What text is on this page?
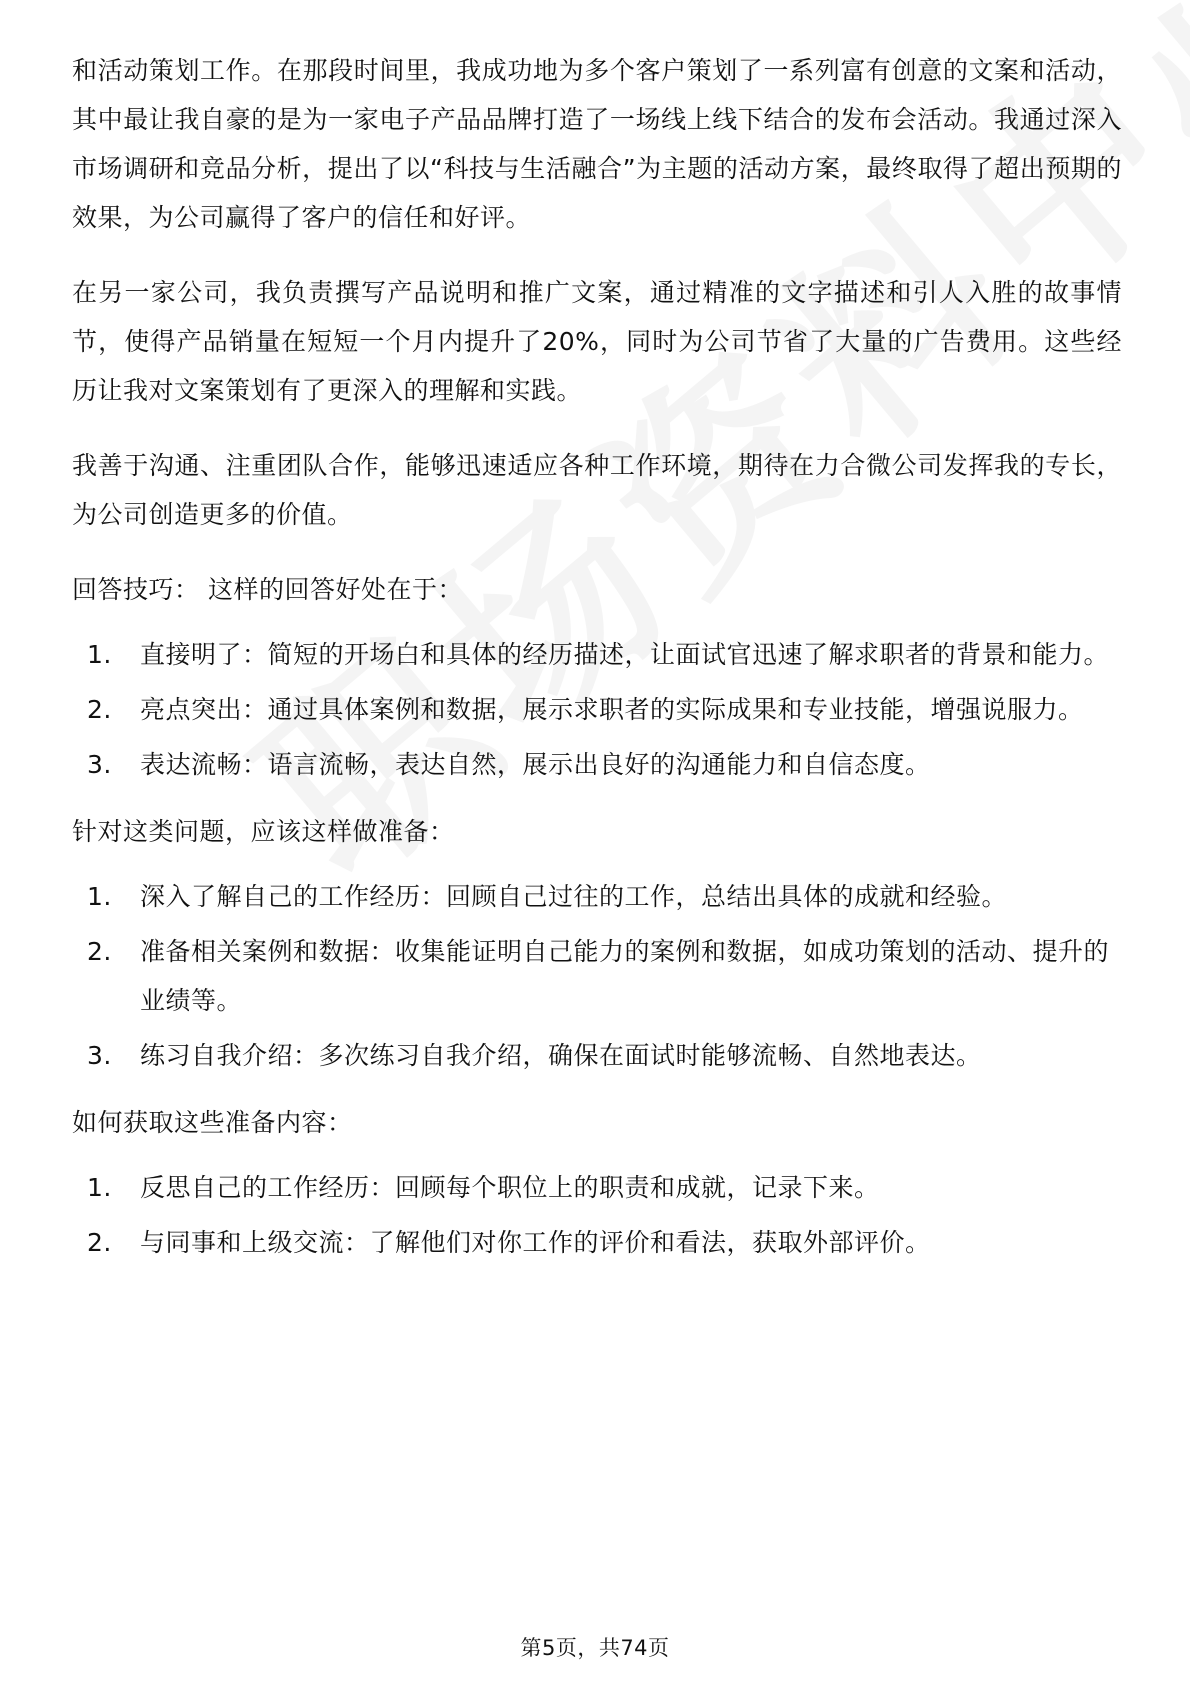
和活动策划工作。在那段时间里，我成功地为多个客户策划了一系列富有创意的文案和活动，其中最让我自豪的是为一家电子产品品牌打造了一场线上线下结合的发布会活动。我通过深入市场调研和竞品分析，提出了以“科技与生活融合”为主题的活动方案，最终取得了超出预期的效果，为公司赢得了客户的信任和好评。

在另一家公司，我负责撰写产品说明和推广文案，通过精准的文字描述和引人入胜的故事情节，使得产品销量在短短一个月内提升了20%，同时为公司节省了大量的广告费用。这些经历让我对文案策划有了更深入的理解和实践。

我善于沟通、注重团队合作，能够迅速适应各种工作环境，期待在力合微公司发挥我的专长，为公司创造更多的价值。

回答技巧： 这样的回答好处在于：

1. 直接明了：简短的开场白和具体的经历描述，让面试官迅速了解求职者的背景和能力。
2. 亮点突出：通过具体案例和数据，展示求职者的实际成果和专业技能，增强说服力。
3. 表达流畅：语言流畅，表达自然，展示出良好的沟通能力和自信态度。

针对这类问题，应该这样做准备：

1. 深入了解自己的工作经历：回顾自己过往的工作，总结出具体的成就和经验。
2. 准备相关案例和数据：收集能证明自己能力的案例和数据，如成功策划的活动、提升的业绩等。
3. 练习自我介绍：多次练习自我介绍，确保在面试时能够流畅、自然地表达。

如何获取这些准备内容：

1. 反思自己的工作经历：回顾每个职位上的职责和成就，记录下来。
2. 与同事和上级交流：了解他们对你工作的评价和看法，获取外部评价。
第5页，共74页
